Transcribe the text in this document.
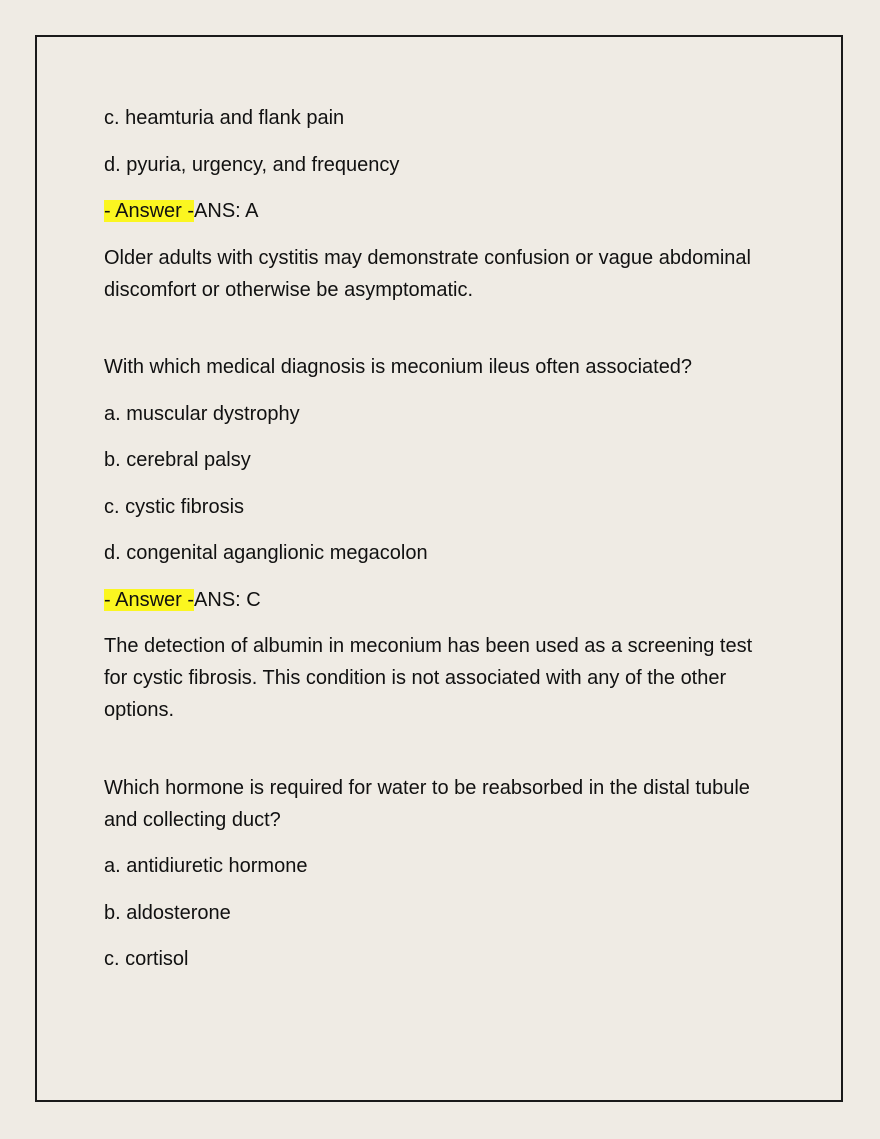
c. heamturia and flank pain
d. pyuria, urgency, and frequency
- Answer -ANS: A
Older adults with cystitis may demonstrate confusion or vague abdominal discomfort or otherwise be asymptomatic.
With which medical diagnosis is meconium ileus often associated?
a. muscular dystrophy
b. cerebral palsy
c. cystic fibrosis
d. congenital aganglionic megacolon
- Answer -ANS: C
The detection of albumin in meconium has been used as a screening test for cystic fibrosis. This condition is not associated with any of the other options.
Which hormone is required for water to be reabsorbed in the distal tubule and collecting duct?
a. antidiuretic hormone
b. aldosterone
c. cortisol
